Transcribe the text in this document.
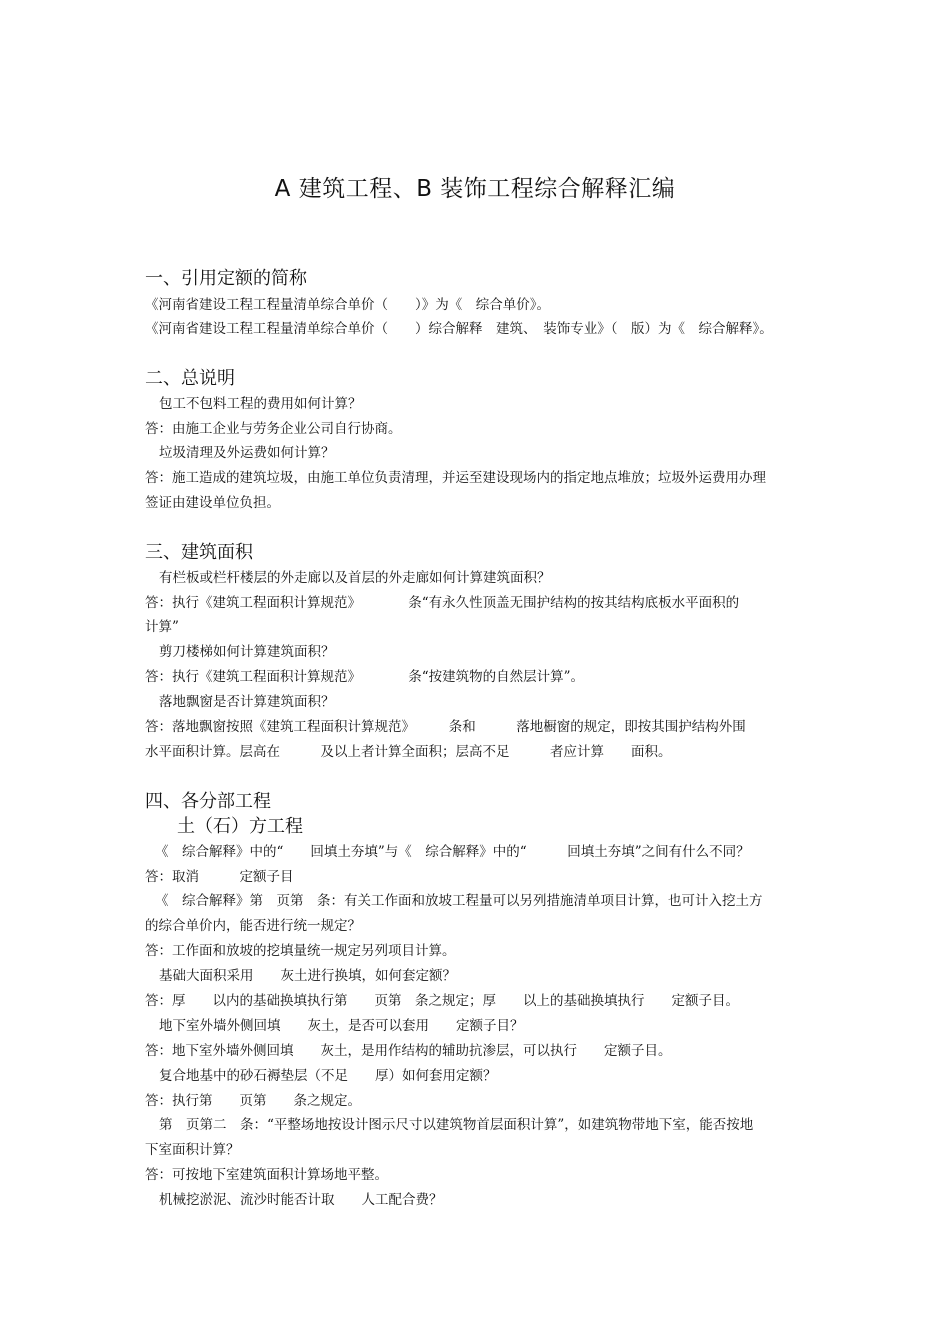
A 建筑工程、B 装饰工程综合解释汇编
一、引用定额的简称

《河南省建设工程工程量清单综合单价（　　）》为《　综合单价》。

《河南省建设工程工程量清单综合单价（　　）综合解释　建筑、　装饰专业》（　版）为《　综合解释》。

二、总说明

包工不包料工程的费用如何计算？

答：由施工企业与劳务企业公司自行协商。

垃圾清理及外运费如何计算？

答：施工造成的建筑垃圾，由施工单位负责清理，并运至建设现场内的指定地点堆放；垃圾外运费用办理

签证由建设单位负担。

三、建筑面积

有栏板或栏杆楼层的外走廊以及首层的外走廊如何计算建筑面积？

答：执行《建筑工程面积计算规范》　　　　条“有永久性顶盖无围护结构的按其结构底板水平面积的

计算”

剪刀楼梯如何计算建筑面积？

答：执行《建筑工程面积计算规范》　　　　条“按建筑物的自然层计算”。

落地飘窗是否计算建筑面积？

答：落地飘窗按照《建筑工程面积计算规范》　　　条和　　　落地橱窗的规定，即按其围护结构外围

水平面积计算。层高在　　　及以上者计算全面积；层高不足　　　者应计算　　面积。

四、各分部工程
土（石）方工程

《　综合解释》中的“　　回填土夯填”与《　综合解释》中的“　　　回填土夯填”之间有什么不同？

答：取消　　　定额子目

《　综合解释》第　页第　条：有关工作面和放坡工程量可以另列措施清单项目计算，也可计入挖土方

的综合单价内，能否进行统一规定？

答：工作面和放坡的挖填量统一规定另列项目计算。

基础大面积采用　　灰土进行换填，如何套定额？

答：厚　　以内的基础换填执行第　　页第　条之规定；厚　　以上的基础换填执行　　定额子目。

地下室外墙外侧回填　　灰土，是否可以套用　　定额子目？

答：地下室外墙外侧回填　　灰土，是用作结构的辅助抗渗层，可以执行　　定额子目。

复合地基中的砂石褥垫层（不足　　厚）如何套用定额？

答：执行第　　页第　　条之规定。

第　页第二　条：“平整场地按设计图示尺寸以建筑物首层面积计算”，如建筑物带地下室，能否按地

下室面积计算？

答：可按地下室建筑面积计算场地平整。

机械挖淤泥、流沙时能否计取　　人工配合费？
